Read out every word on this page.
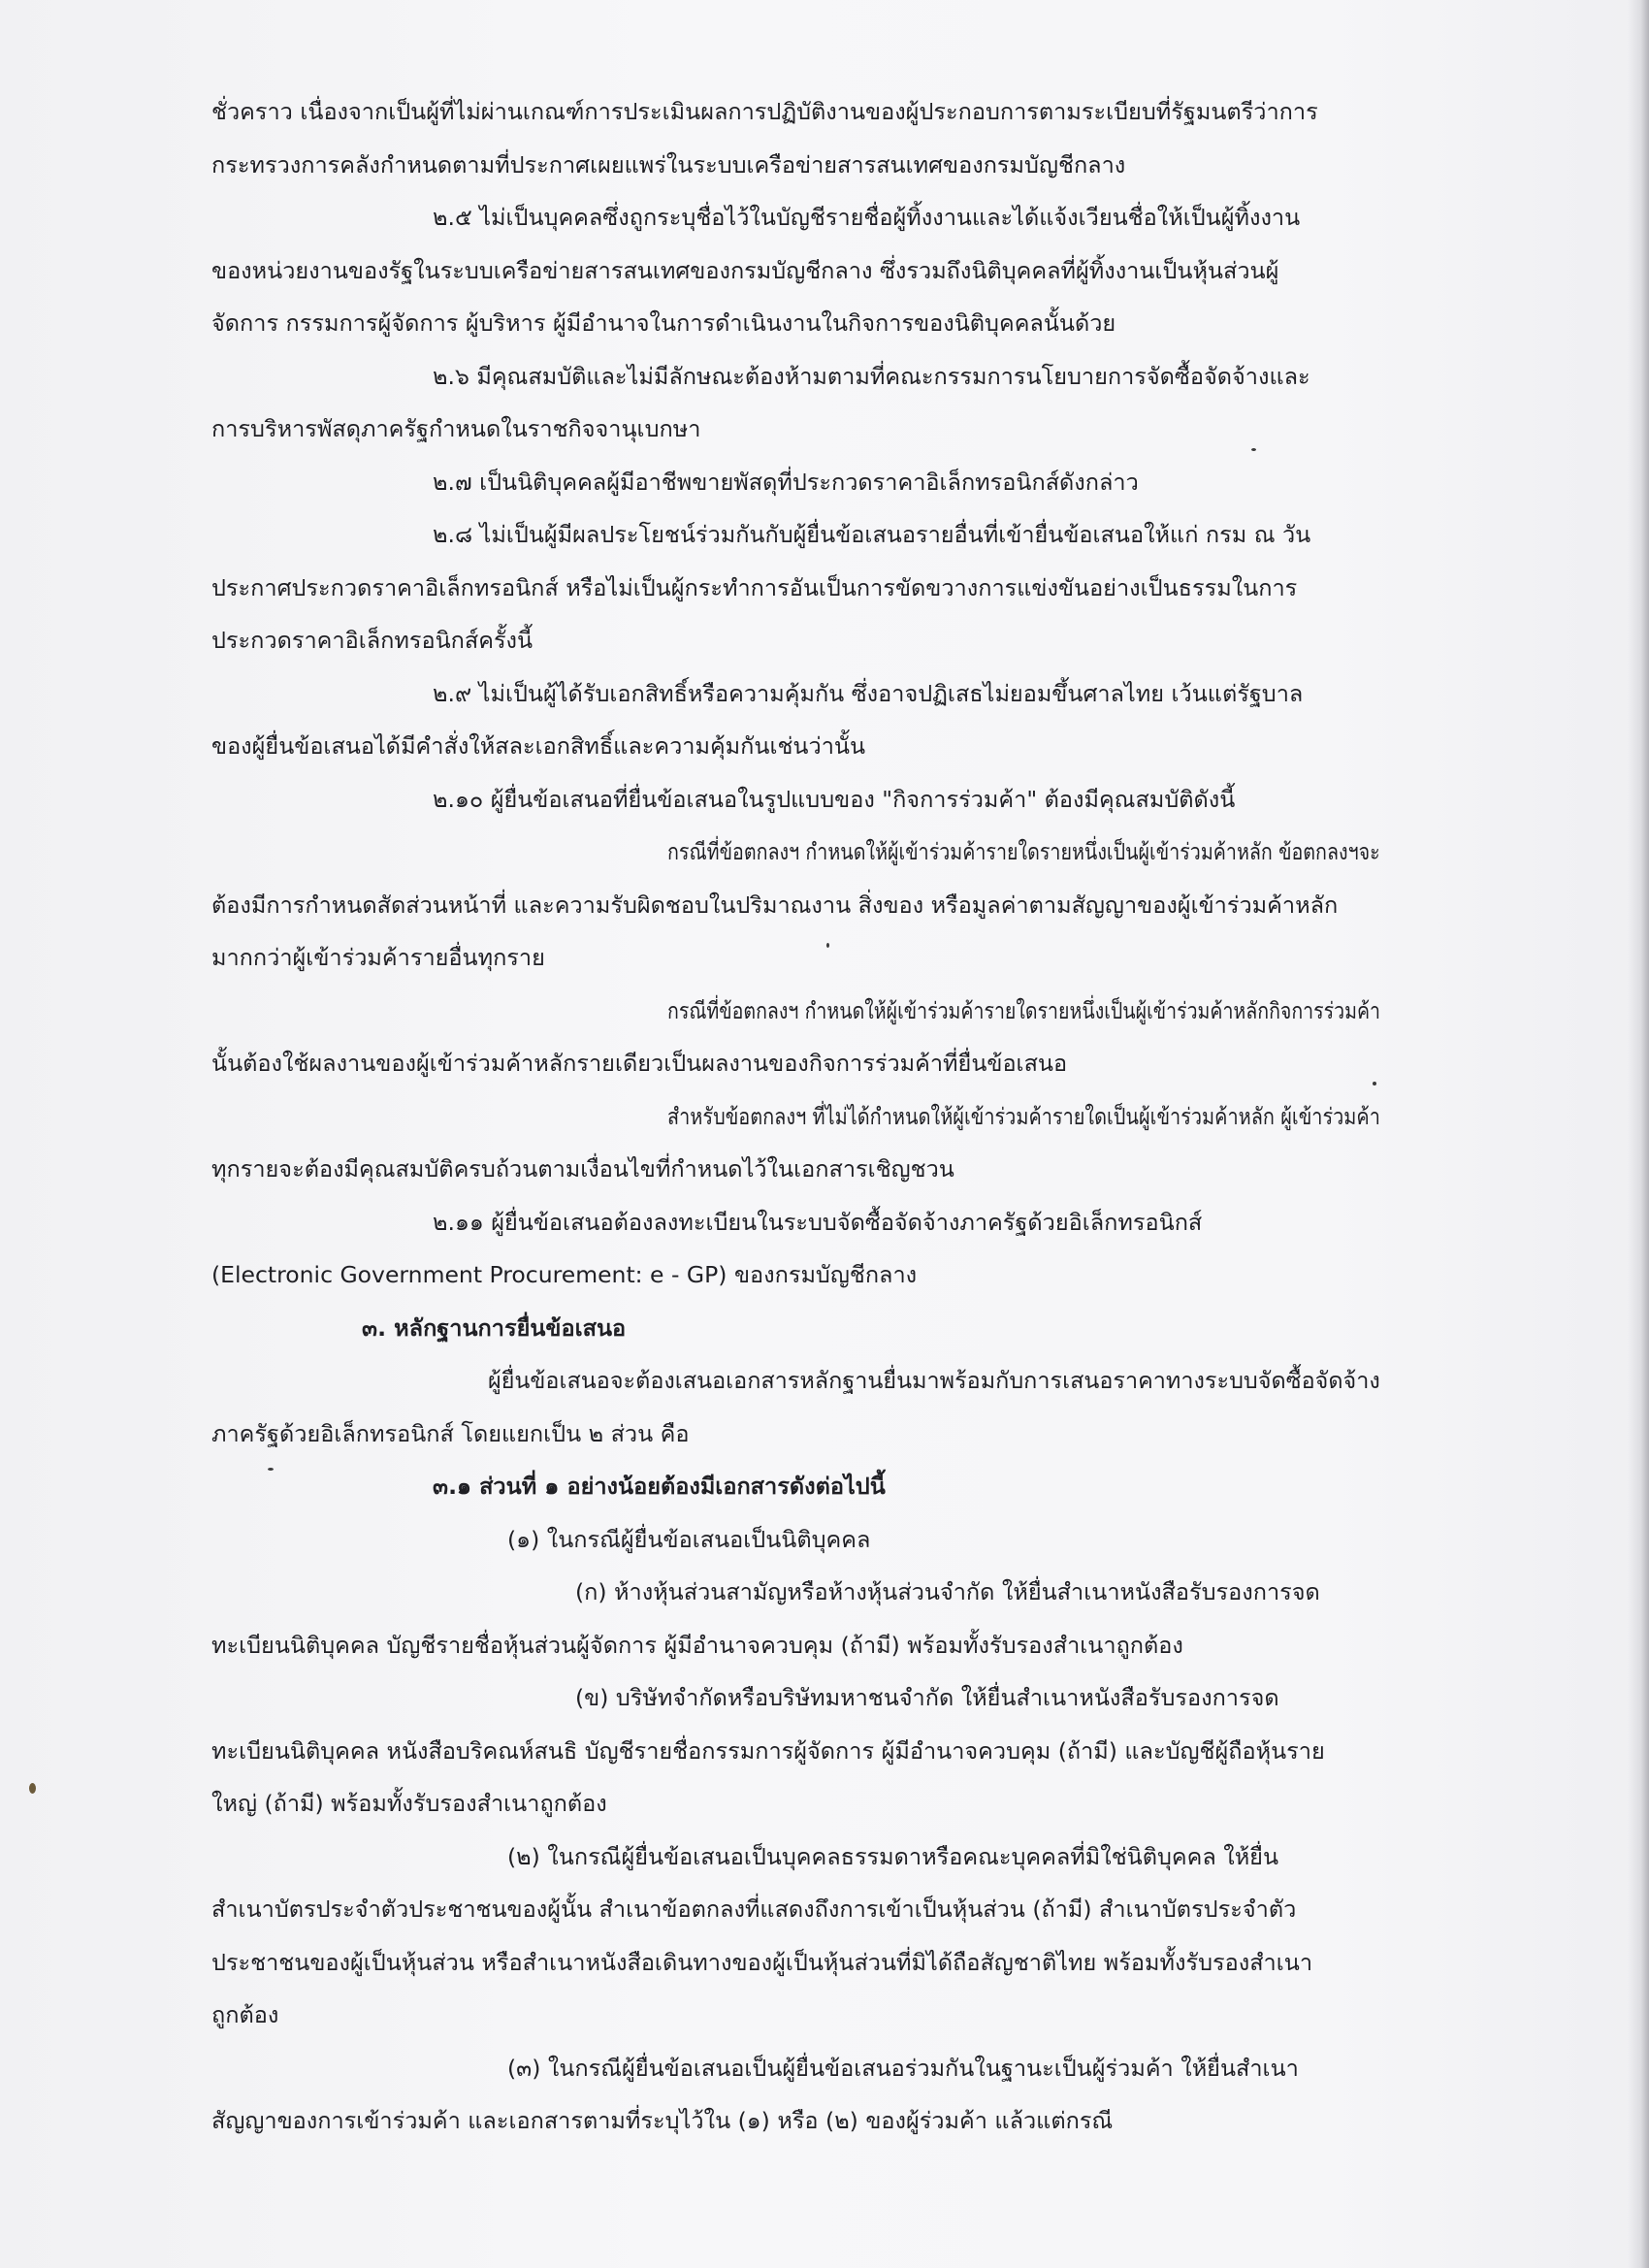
ชั่วคราว เนื่องจากเป็นผู้ที่ไม่ผ่านเกณฑ์การประเมินผลการปฏิบัติงานของผู้ประกอบการตามระเบียบที่รัฐมนตรีว่าการ
กระทรวงการคลังกำหนดตามที่ประกาศเผยแพร่ในระบบเครือข่ายสารสนเทศของกรมบัญชีกลาง
๒.๕ ไม่เป็นบุคคลซึ่งถูกระบุชื่อไว้ในบัญชีรายชื่อผู้ทิ้งงานและได้แจ้งเวียนชื่อให้เป็นผู้ทิ้งงาน
ของหน่วยงานของรัฐในระบบเครือข่ายสารสนเทศของกรมบัญชีกลาง ซึ่งรวมถึงนิติบุคคลที่ผู้ทิ้งงานเป็นหุ้นส่วนผู้
จัดการ กรรมการผู้จัดการ ผู้บริหาร ผู้มีอำนาจในการดำเนินงานในกิจการของนิติบุคคลนั้นด้วย
๒.๖ มีคุณสมบัติและไม่มีลักษณะต้องห้ามตามที่คณะกรรมการนโยบายการจัดซื้อจัดจ้างและ
การบริหารพัสดุภาครัฐกำหนดในราชกิจจานุเบกษา
๒.๗ เป็นนิติบุคคลผู้มีอาชีพขายพัสดุที่ประกวดราคาอิเล็กทรอนิกส์ดังกล่าว
๒.๘ ไม่เป็นผู้มีผลประโยชน์ร่วมกันกับผู้ยื่นข้อเสนอรายอื่นที่เข้ายื่นข้อเสนอให้แก่ กรม ณ วัน
ประกาศประกวดราคาอิเล็กทรอนิกส์ หรือไม่เป็นผู้กระทำการอันเป็นการขัดขวางการแข่งขันอย่างเป็นธรรมในการ
ประกวดราคาอิเล็กทรอนิกส์ครั้งนี้
๒.๙ ไม่เป็นผู้ได้รับเอกสิทธิ์หรือความคุ้มกัน ซึ่งอาจปฏิเสธไม่ยอมขึ้นศาลไทย เว้นแต่รัฐบาล
ของผู้ยื่นข้อเสนอได้มีคำสั่งให้สละเอกสิทธิ์และความคุ้มกันเช่นว่านั้น
๒.๑๐ ผู้ยื่นข้อเสนอที่ยื่นข้อเสนอในรูปแบบของ "กิจการร่วมค้า" ต้องมีคุณสมบัติดังนี้
กรณีที่ข้อตกลงฯ กำหนดให้ผู้เข้าร่วมค้ารายใดรายหนึ่งเป็นผู้เข้าร่วมค้าหลัก ข้อตกลงฯจะ
ต้องมีการกำหนดสัดส่วนหน้าที่ และความรับผิดชอบในปริมาณงาน สิ่งของ หรือมูลค่าตามสัญญาของผู้เข้าร่วมค้าหลัก
มากกว่าผู้เข้าร่วมค้ารายอื่นทุกราย
กรณีที่ข้อตกลงฯ กำหนดให้ผู้เข้าร่วมค้ารายใดรายหนึ่งเป็นผู้เข้าร่วมค้าหลักกิจการร่วมค้า
นั้นต้องใช้ผลงานของผู้เข้าร่วมค้าหลักรายเดียวเป็นผลงานของกิจการร่วมค้าที่ยื่นข้อเสนอ
สำหรับข้อตกลงฯ ที่ไม่ได้กำหนดให้ผู้เข้าร่วมค้ารายใดเป็นผู้เข้าร่วมค้าหลัก ผู้เข้าร่วมค้า
ทุกรายจะต้องมีคุณสมบัติครบถ้วนตามเงื่อนไขที่กำหนดไว้ในเอกสารเชิญชวน
๒.๑๑ ผู้ยื่นข้อเสนอต้องลงทะเบียนในระบบจัดซื้อจัดจ้างภาครัฐด้วยอิเล็กทรอนิกส์
(Electronic Government Procurement: e - GP) ของกรมบัญชีกลาง
๓. หลักฐานการยื่นข้อเสนอ
ผู้ยื่นข้อเสนอจะต้องเสนอเอกสารหลักฐานยื่นมาพร้อมกับการเสนอราคาทางระบบจัดซื้อจัดจ้าง
ภาครัฐด้วยอิเล็กทรอนิกส์ โดยแยกเป็น ๒ ส่วน คือ
๓.๑ ส่วนที่ ๑ อย่างน้อยต้องมีเอกสารดังต่อไปนี้
(๑) ในกรณีผู้ยื่นข้อเสนอเป็นนิติบุคคล
(ก) ห้างหุ้นส่วนสามัญหรือห้างหุ้นส่วนจำกัด ให้ยื่นสำเนาหนังสือรับรองการจด
ทะเบียนนิติบุคคล บัญชีรายชื่อหุ้นส่วนผู้จัดการ ผู้มีอำนาจควบคุม (ถ้ามี) พร้อมทั้งรับรองสำเนาถูกต้อง
(ข) บริษัทจำกัดหรือบริษัทมหาชนจำกัด ให้ยื่นสำเนาหนังสือรับรองการจด
ทะเบียนนิติบุคคล หนังสือบริคณห์สนธิ บัญชีรายชื่อกรรมการผู้จัดการ ผู้มีอำนาจควบคุม (ถ้ามี) และบัญชีผู้ถือหุ้นราย
ใหญ่ (ถ้ามี) พร้อมทั้งรับรองสำเนาถูกต้อง
(๒) ในกรณีผู้ยื่นข้อเสนอเป็นบุคคลธรรมดาหรือคณะบุคคลที่มิใช่นิติบุคคล ให้ยื่น
สำเนาบัตรประจำตัวประชาชนของผู้นั้น สำเนาข้อตกลงที่แสดงถึงการเข้าเป็นหุ้นส่วน (ถ้ามี) สำเนาบัตรประจำตัว
ประชาชนของผู้เป็นหุ้นส่วน หรือสำเนาหนังสือเดินทางของผู้เป็นหุ้นส่วนที่มิได้ถือสัญชาติไทย พร้อมทั้งรับรองสำเนา
ถูกต้อง
(๓) ในกรณีผู้ยื่นข้อเสนอเป็นผู้ยื่นข้อเสนอร่วมกันในฐานะเป็นผู้ร่วมค้า ให้ยื่นสำเนา
สัญญาของการเข้าร่วมค้า และเอกสารตามที่ระบุไว้ใน (๑) หรือ (๒) ของผู้ร่วมค้า แล้วแต่กรณี
